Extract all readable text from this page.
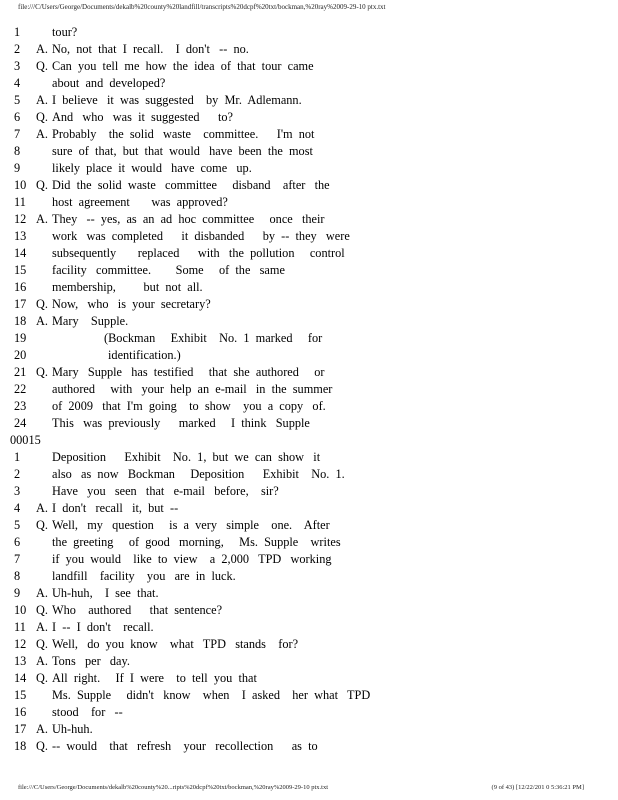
file:///C/Users/George/Documents/dekalb%20county%20landfill/transcripts%20dcpf%20txt/bockman,%20ray%2009-29-10 ptx.txt
1	tour?
2	A. No,  not  that  I  recall.    I  don't   --  no.
3	Q. Can  you  tell  me  how  the  idea  of  that  tour  came
4	about  and  developed?
5	A. I  believe   it  was  suggested    by  Mr.  Adlemann.
6	Q. And   who   was  it  suggested      to?
7	A. Probably    the  solid   waste    committee.      I'm  not
8	sure  of  that,  but  that  would   have  been  the  most
9	likely  place  it  would   have  come   up.
10 Q. Did  the  solid  waste   committee     disband    after   the
11	host  agreement       was  approved?
12 A. They   --  yes,  as  an  ad  hoc  committee     once   their
13	work   was  completed      it  disbanded      by  --  they   were
14	subsequently       replaced      with   the  pollution     control
15	facility   committee.        Some     of  the   same
16	membership,         but  not  all.
17 Q. Now,   who   is  your  secretary?
18 A. Mary    Supple.
19	(Bockman     Exhibit    No.  1  marked     for
20	identification.)
21 Q. Mary   Supple   has  testified     that  she  authored     or
22	authored     with   your  help  an  e-mail   in  the  summer
23	of  2009   that  I'm  going    to  show    you  a  copy   of.
24	This   was  previously      marked     I  think   Supple
00015
1	Deposition      Exhibit    No.  1,  but  we  can  show   it
2	also   as  now   Bockman     Deposition      Exhibit    No.  1.
3	Have   you   seen   that   e-mail   before,    sir?
4	A. I  don't   recall   it,  but  --
5	Q. Well,   my   question     is  a  very   simple    one.    After
6	the  greeting     of  good   morning,     Ms.  Supple    writes
7	if  you  would    like  to  view    a  2,000   TPD   working
8	landfill    facility    you   are  in  luck.
9	A. Uh-huh,    I  see  that.
10 Q. Who    authored      that  sentence?
11 A. I  --  I  don't    recall.
12 Q. Well,   do  you  know    what   TPD   stands    for?
13 A. Tons   per   day.
14 Q. All  right.     If  I  were    to  tell  you  that
15	Ms.  Supple     didn't   know    when    I  asked    her  what   TPD
16	stood    for   --
17 A. Uh-huh.
18 Q. --  would    that   refresh    your   recollection      as  to
file:///C/Users/George/Documents/dekalb%20county%20...ripts%20dcpf%20txt/bockman,%20ray%2009-29-10 ptx.txt	(9 of 43) [12/22/201 0 5:36:21 PM]
